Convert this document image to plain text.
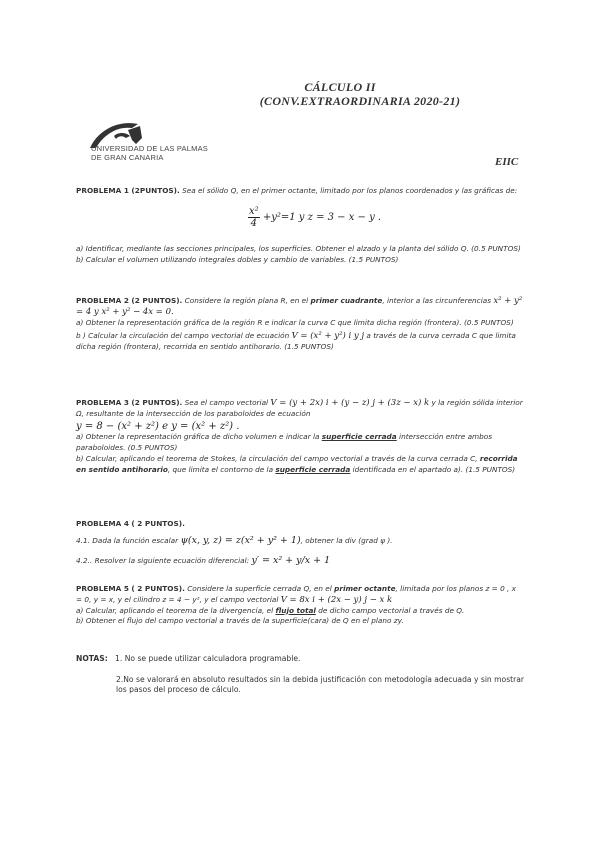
CÁLCULO II
(CONV.EXTRAORDINARIA 2020-21)
UNIVERSIDAD DE LAS PALMAS
DE GRAN CANARIA	EIIC

PROBLEMA 1 (2PUNTOS). Sea el sólido Q, en el primer octante, limitado por los planos coordenados y las gráficas de:

$\frac{\text{x²}}{4} +y^2=1$ y z = 3 − x − y .

a) Identificar, mediante las secciones principales, los superficies. Obtener el alzado y la planta del sólido Q. (0.5 PUNTOS)

b) Calcular el volumen utilizando integrales dobles y cambio de variables. (1.5 PUNTOS)

PROBLEMA 2 (2 PUNTOS). Considere la región plana R, en el primer cuadrante, interior a las circunferencias x² + y² = 4 y x² + y² − 4x = 0.

a) Obtener la representación gráfica de la región R e indicar la curva C que limita dicha región (frontera). (0.5 PUNTOS)

b ) Calcular la circulación del campo vectorial de ecuación V = (x² + y²) i y j a través de la curva cerrada C que limita dicha región (frontera), recorrida en sentido antihorario. (1.5 PUNTOS)

PROBLEMA 3 (2 PUNTOS). Sea el campo vectorial V = (y + 2x) i + (y − z) j + (3z − x) k y la región sólida interior Ω, resultante de la intersección de los paraboloides de ecuación

y = 8 − (x² + z²) e y = (x² + z²) .

a) Obtener la representación gráfica de dicho volumen e indicar la superficie cerrada intersección entre ambos paraboloides. (0.5 PUNTOS)

b) Calcular, aplicando el teorema de Stokes, la circulación del campo vectorial a través de la curva cerrada C, recorrida en sentido antihorario, que limita el contorno de la superficie cerrada identificada en el apartado a). (1.5 PUNTOS)

PROBLEMA 4 ( 2 PUNTOS).

4.1. Dada la función escalar ψ(x, y, z) = z(x² + y² + 1), obtener la div (grad ψ ).

4.2.. Resolver la siguiente ecuación diferencial: y′ = x² + y/x + 1

PROBLEMA 5 ( 2 PUNTOS). Considere la superficie cerrada Q, en el primer octante, limitada por los planos z = 0 , x = 0, y = x, y el cilindro z = 4 − y², y el campo vectorial V = 8x i + (2x − y) j − x k

a) Calcular, aplicando el teorema de la divergencia, el flujo total de dicho campo vectorial a través de Q.

b) Obtener el flujo del campo vectorial a través de la superficie(cara) de Q en el plano zy.

NOTAS: 1. No se puede utilizar calculadora programable.

2.No se valorará en absoluto resultados sin la debida justificación con metodología adecuada y sin mostrar los pasos del proceso de cálculo.
